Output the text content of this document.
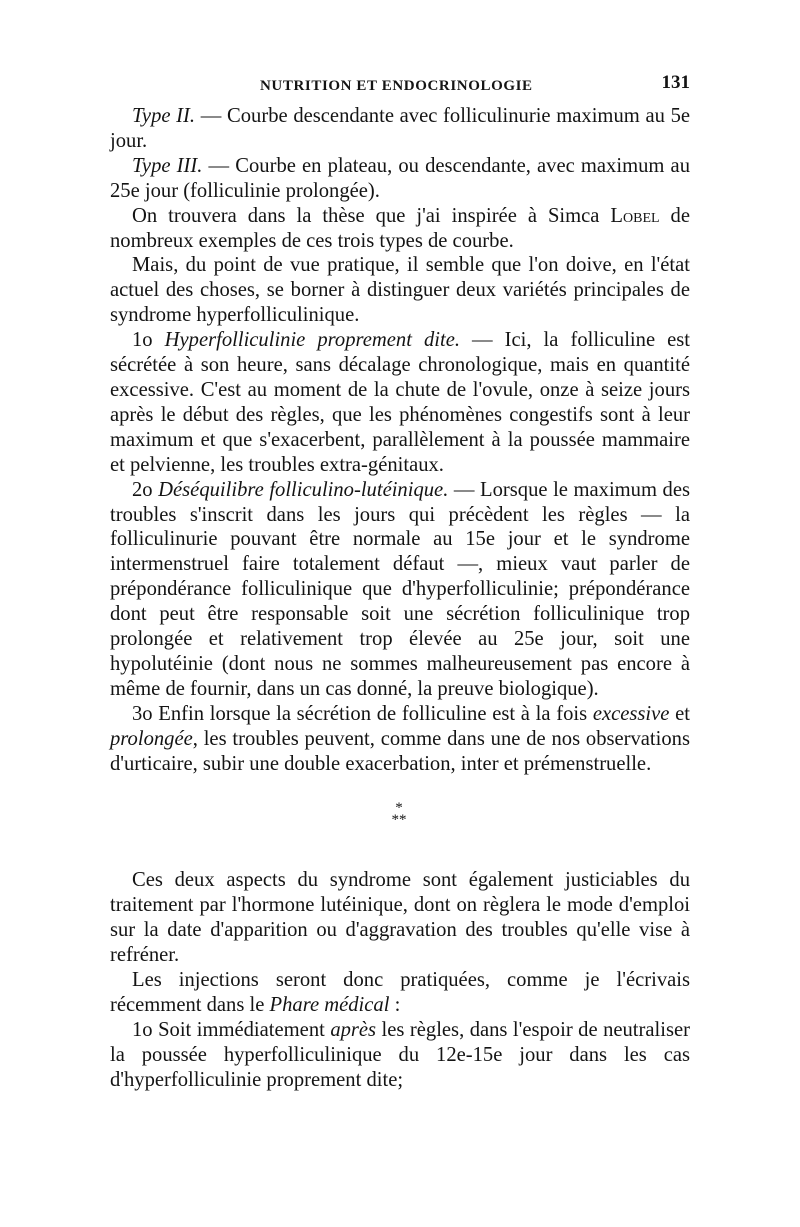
NUTRITION ET ENDOCRINOLOGIE	131

Type II. — Courbe descendante avec folliculinurie maximum au 5e jour.

Type III. — Courbe en plateau, ou descendante, avec maximum au 25e jour (folliculinie prolongée).

On trouvera dans la thèse que j'ai inspirée à Simca Lobel de nombreux exemples de ces trois types de courbe.

Mais, du point de vue pratique, il semble que l'on doive, en l'état actuel des choses, se borner à distinguer deux variétés principales de syndrome hyperfolliculinique.

1o Hyperfolliculinie proprement dite. — Ici, la folliculine est sécrétée à son heure, sans décalage chronologique, mais en quantité excessive. C'est au moment de la chute de l'ovule, onze à seize jours après le début des règles, que les phénomènes congestifs sont à leur maximum et que s'exacerbent, parallèlement à la poussée mammaire et pelvienne, les troubles extra-génitaux.

2o Déséquilibre folliculino-lutéinique. — Lorsque le maximum des troubles s'inscrit dans les jours qui précèdent les règles — la folliculinurie pouvant être normale au 15e jour et le syndrome intermenstruel faire totalement défaut —, mieux vaut parler de prépondérance folliculinique que d'hyperfolliculinie; prépondérance dont peut être responsable soit une sécrétion folliculinique trop prolongée et relativement trop élevée au 25e jour, soit une hypolutéinie (dont nous ne sommes malheureusement pas encore à même de fournir, dans un cas donné, la preuve biologique).

3o Enfin lorsque la sécrétion de folliculine est à la fois excessive et prolongée, les troubles peuvent, comme dans une de nos observations d'urticaire, subir une double exacerbation, inter et prémenstruelle.

*
**

Ces deux aspects du syndrome sont également justiciables du traitement par l'hormone lutéinique, dont on règlera le mode d'emploi sur la date d'apparition ou d'aggravation des troubles qu'elle vise à refréner.

Les injections seront donc pratiquées, comme je l'écrivais récemment dans le Phare médical :

1o Soit immédiatement après les règles, dans l'espoir de neutraliser la poussée hyperfolliculinique du 12e-15e jour dans les cas d'hyperfolliculinie proprement dite;
